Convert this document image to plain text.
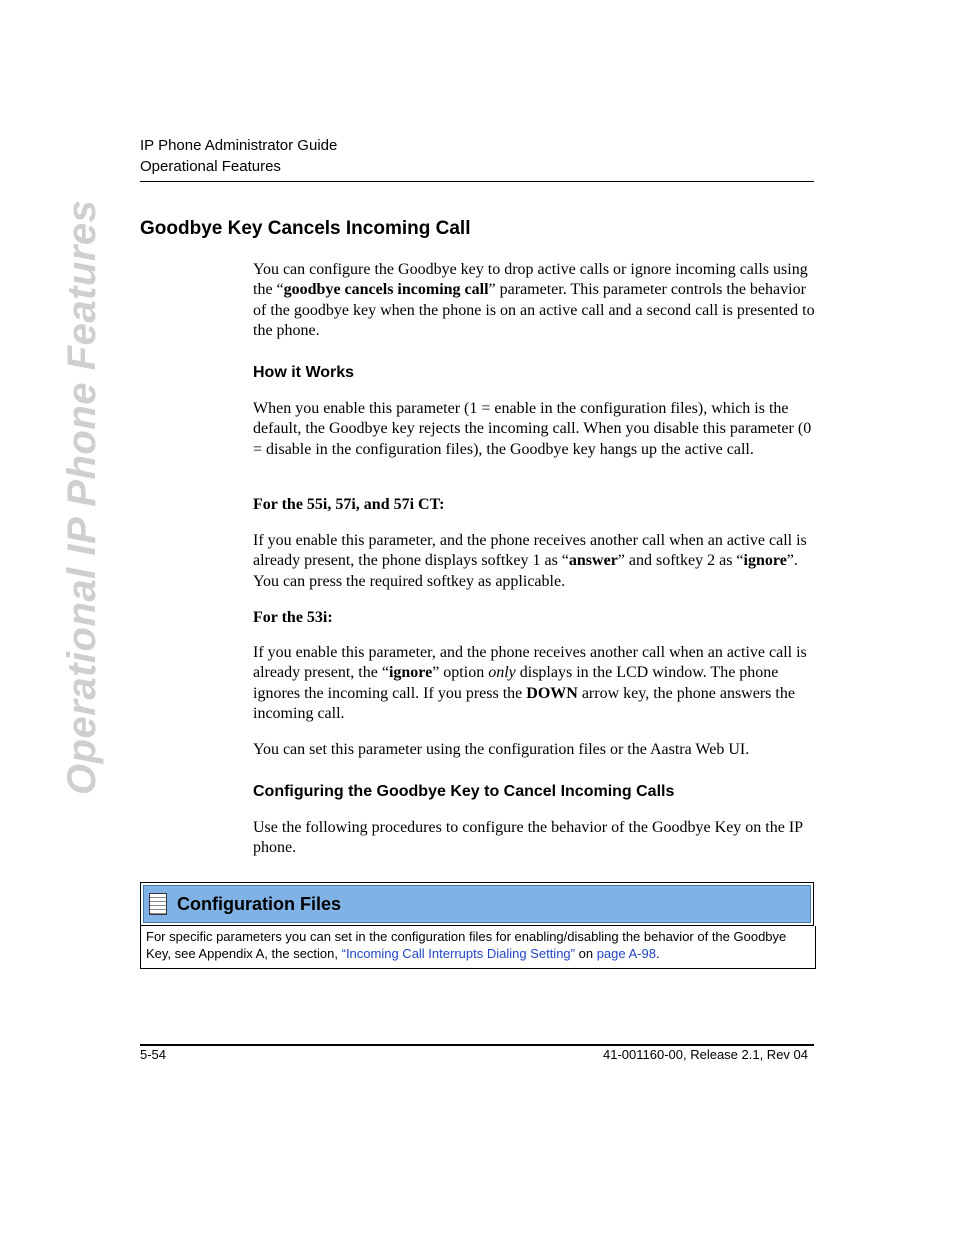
IP Phone Administrator Guide
Operational Features
Operational IP Phone Features Goodbye Key Cancels Incoming Call
You can configure the Goodbye key to drop active calls or ignore incoming calls using the “goodbye cancels incoming call” parameter. This parameter controls the behavior of the goodbye key when the phone is on an active call and a second call is presented to the phone.
How it Works
When you enable this parameter (1 = enable in the configuration files), which is the default, the Goodbye key rejects the incoming call. When you disable this parameter (0 = disable in the configuration files), the Goodbye key hangs up the active call.
For the 55i, 57i, and 57i CT:
If you enable this parameter, and the phone receives another call when an active call is already present, the phone displays softkey 1 as “answer” and softkey 2 as “ignore”. You can press the required softkey as applicable.
For the 53i:
If you enable this parameter, and the phone receives another call when an active call is already present, the “ignore” option only displays in the LCD window. The phone ignores the incoming call. If you press the DOWN arrow key, the phone answers the incoming call.
You can set this parameter using the configuration files or the Aastra Web UI.
Configuring the Goodbye Key to Cancel Incoming Calls
Use the following procedures to configure the behavior of the Goodbye Key on the IP phone.
Configuration Files
For specific parameters you can set in the configuration files for enabling/disabling the behavior of the Goodbye Key, see Appendix A, the section, “Incoming Call Interrupts Dialing Setting” on page A-98.
5-54	41-001160-00, Release 2.1, Rev 04
